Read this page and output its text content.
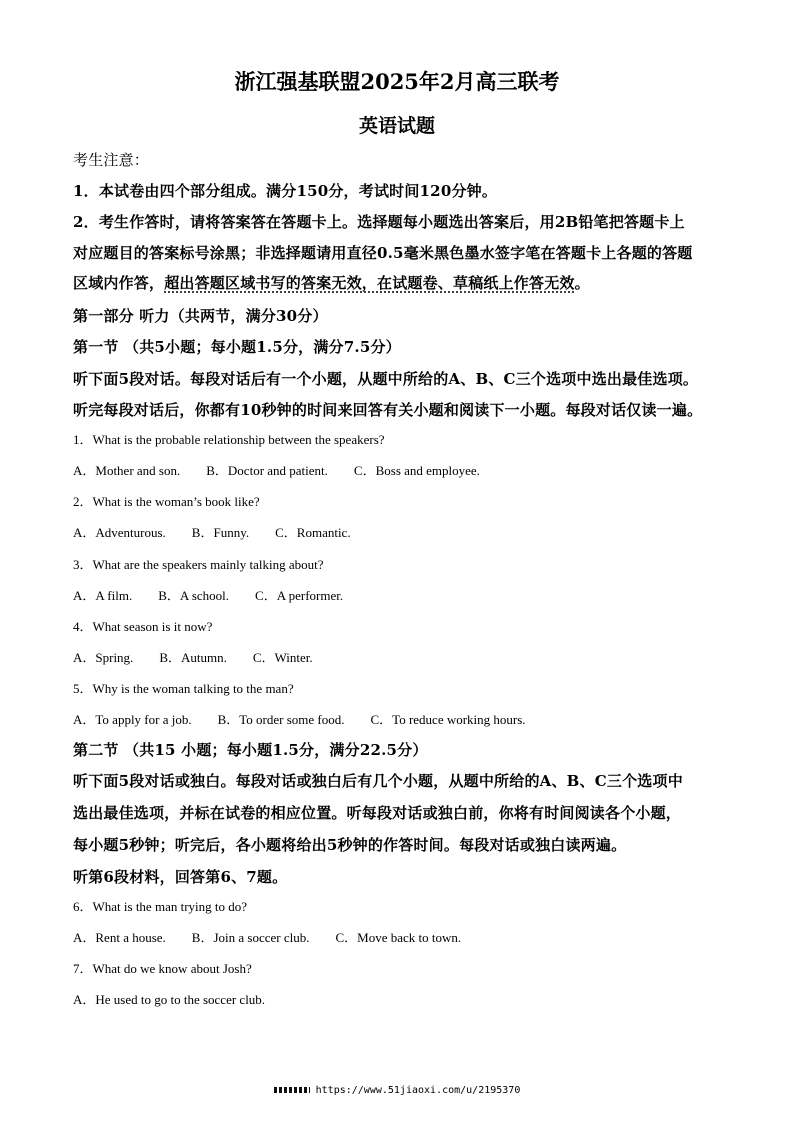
浙江强基联盟2025年2月高三联考
英语试题
考生注意：
1．本试卷由四个部分组成。满分150分，考试时间120分钟。
2．考生作答时，请将答案答在答题卡上。选择题每小题选出答案后，用2B铅笔把答题卡上
对应题目的答案标号涂黑；非选择题请用直径0.5毫米黑色墨水签字笔在答题卡上各题的答题
区域内作答，超出答题区域书写的答案无效，在试题卷、草稿纸上作答无效。
第一部分 听力（共两节，满分30分）
第一节 （共5小题；每小题1.5分，满分7.5分）
听下面5段对话。每段对话后有一个小题，从题中所给的A、B、C三个选项中选出最佳选项。
听完每段对话后，你都有10秒钟的时间来回答有关小题和阅读下一小题。每段对话仅读一遍。
1．What is the probable relationship between the speakers?
A．Mother and son. B．Doctor and patient. C．Boss and employee.
2．What is the woman’s book like?
A．Adventurous. B．Funny. C．Romantic.
3．What are the speakers mainly talking about?
A．A film. B．A school. C．A performer.
4．What season is it now?
A．Spring. B．Autumn. C．Winter.
5．Why is the woman talking to the man?
A．To apply for a job. B．To order some food. C．To reduce working hours.
第二节 （共15 小题；每小题1.5分，满分22.5分）
听下面5段对话或独白。每段对话或独白后有几个小题，从题中所给的A、B、C三个选项中
选出最佳选项，并标在试卷的相应位置。听每段对话或独白前，你将有时间阅读各个小题，
每小题5秒钟；听完后，各小题将给出5秒钟的作答时间。每段对话或独白读两遍。
听第6段材料，回答第6、7题。
6．What is the man trying to do?
A．Rent a house. B．Join a soccer club. C．Move back to town.
7．What do we know about Josh?
A．He used to go to the soccer club.
https://www.51jiaoxi.com/u/2195370
